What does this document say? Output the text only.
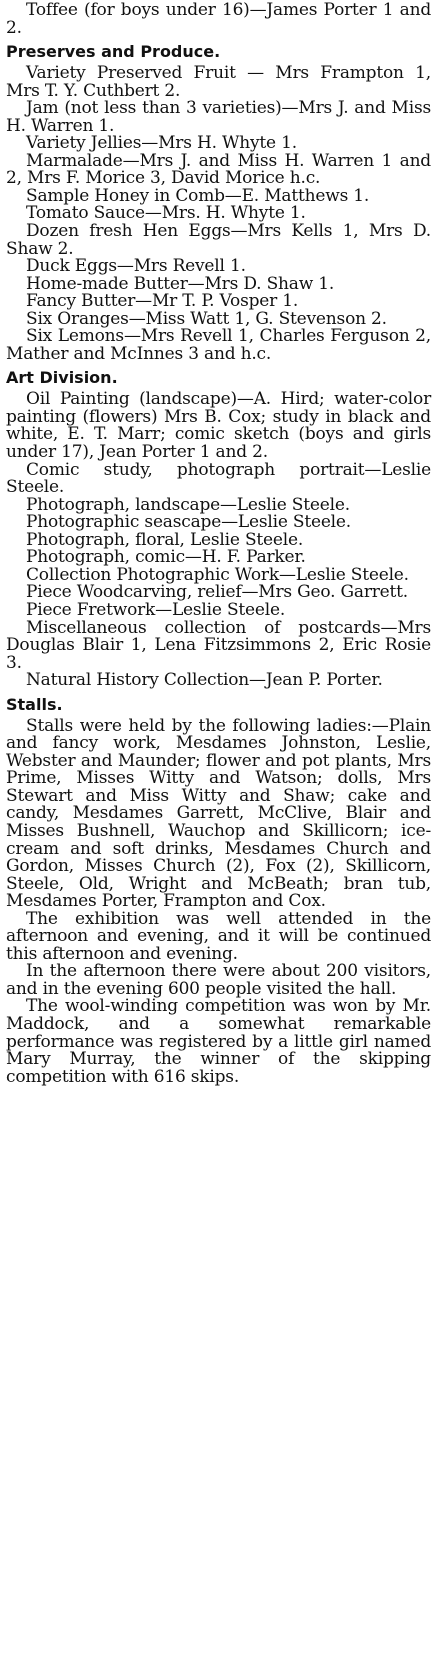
Toffee (for boys under 16)—James Porter 1 and 2.

Preserves and Produce.

Variety Preserved Fruit — Mrs Frampton 1, Mrs T. Y. Cuthbert 2.

Jam (not less than 3 varieties)—Mrs J. and Miss H. Warren 1.

Variety Jellies—Mrs H. Whyte 1.

Marmalade—Mrs J. and Miss H. Warren 1 and 2, Mrs F. Morice 3, David Morice h.c.

Sample Honey in Comb—E. Matthews 1.

Tomato Sauce—Mrs. H. Whyte 1.

Dozen fresh Hen Eggs—Mrs Kells 1, Mrs D. Shaw 2.

Duck Eggs—Mrs Revell 1.

Home-made Butter—Mrs D. Shaw 1.

Fancy Butter—Mr T. P. Vosper 1.

Six Oranges—Miss Watt 1, G. Stevenson 2.

Six Lemons—Mrs Revell 1, Charles Ferguson 2, Mather and McInnes 3 and h.c.

Art Division.

Oil Painting (landscape)—A. Hird; water-color painting (flowers) Mrs B. Cox; study in black and white, E. T. Marr; comic sketch (boys and girls under 17), Jean Porter 1 and 2.

Comic study, photograph portrait—Leslie Steele.

Photograph, landscape—Leslie Steele.

Photographic seascape—Leslie Steele.

Photograph, floral, Leslie Steele.

Photograph, comic—H. F. Parker.

Collection Photographic Work—Leslie Steele.

Piece Woodcarving, relief—Mrs Geo. Garrett.

Piece Fretwork—Leslie Steele.

Miscellaneous collection of postcards—Mrs Douglas Blair 1, Lena Fitzsimmons 2, Eric Rosie 3.

Natural History Collection—Jean P. Porter.

Stalls.

Stalls were held by the following ladies:—Plain and fancy work, Mesdames Johnston, Leslie, Webster and Maunder; flower and pot plants, Mrs Prime, Misses Witty and Watson; dolls, Mrs Stewart and Miss Witty and Shaw; cake and candy, Mesdames Garrett, McClive, Blair and Misses Bushnell, Wauchop and Skillicorn; ice-cream and soft drinks, Mesdames Church and Gordon, Misses Church (2), Fox (2), Skillicorn, Steele, Old, Wright and McBeath; bran tub, Mesdames Porter, Frampton and Cox.

The exhibition was well attended in the afternoon and evening, and it will be continued this afternoon and evening.

In the afternoon there were about 200 visitors, and in the evening 600 people visited the hall.

The wool-winding competition was won by Mr. Maddock, and a somewhat remarkable performance was registered by a little girl named Mary Murray, the winner of the skipping competition with 616 skips.
